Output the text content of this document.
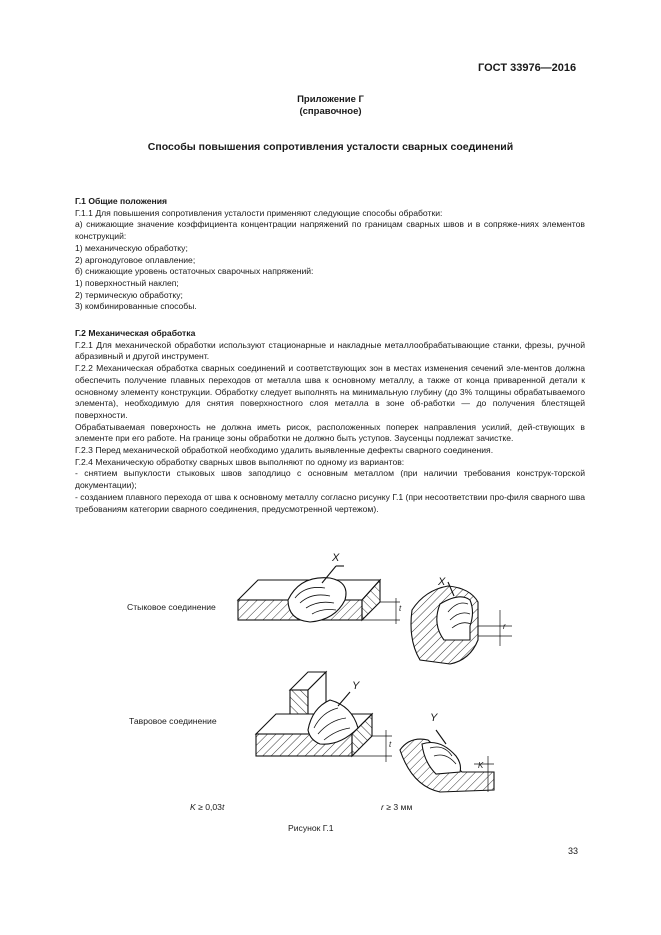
ГОСТ 33976—2016
Приложение Г
(справочное)
Способы повышения сопротивления усталости сварных соединений

Г.1 Общие положения

Г.1.1 Для повышения сопротивления усталости применяют следующие способы обработки:

а) снижающие значение коэффициента концентрации напряжений по границам сварных швов и в сопряже-ниях элементов конструкций:

1) механическую обработку;

2) аргонодуговое оплавление;

б) снижающие уровень остаточных сварочных напряжений:

1) поверхностный наклеп;

2) термическую обработку;

3) комбинированные способы.

Г.2 Механическая обработка

Г.2.1 Для механической обработки используют стационарные и накладные металлообрабатывающие станки, фрезы, ручной абразивный и другой инструмент.

Г.2.2 Механическая обработка сварных соединений и соответствующих зон в местах изменения сечений эле-ментов должна обеспечить получение плавных переходов от металла шва к основному металлу, а также от конца приваренной детали к основному элементу конструкции. Обработку следует выполнять на минимальную глубину (до 3% толщины обрабатываемого элемента), необходимую для снятия поверхностного слоя металла в зоне об-работки — до получения блестящей поверхности.

Обрабатываемая поверхность не должна иметь рисок, расположенных поперек направления усилий, дей-ствующих в элементе при его работе. На границе зоны обработки не должно быть уступов. Заусенцы подлежат зачистке.

Г.2.3 Перед механической обработкой необходимо удалить выявленные дефекты сварного соединения.

Г.2.4 Механическую обработку сварных швов выполняют по одному из вариантов:

- снятием выпуклости стыковых швов заподлицо с основным металлом (при наличии требования конструк-торской документации);

- созданием плавного перехода от шва к основному металлу согласно рисунку Г.1 (при несоответствии про-филя сварного шва требованиям категории сварного соединения, предусмотренной чертежом).

Стыковое соединение
Тавровое соединение
X
X
Y
Y
t
t
r
K
K ≥ 0,03t	r ≥ 3 мм
Рисунок Г.1
33
